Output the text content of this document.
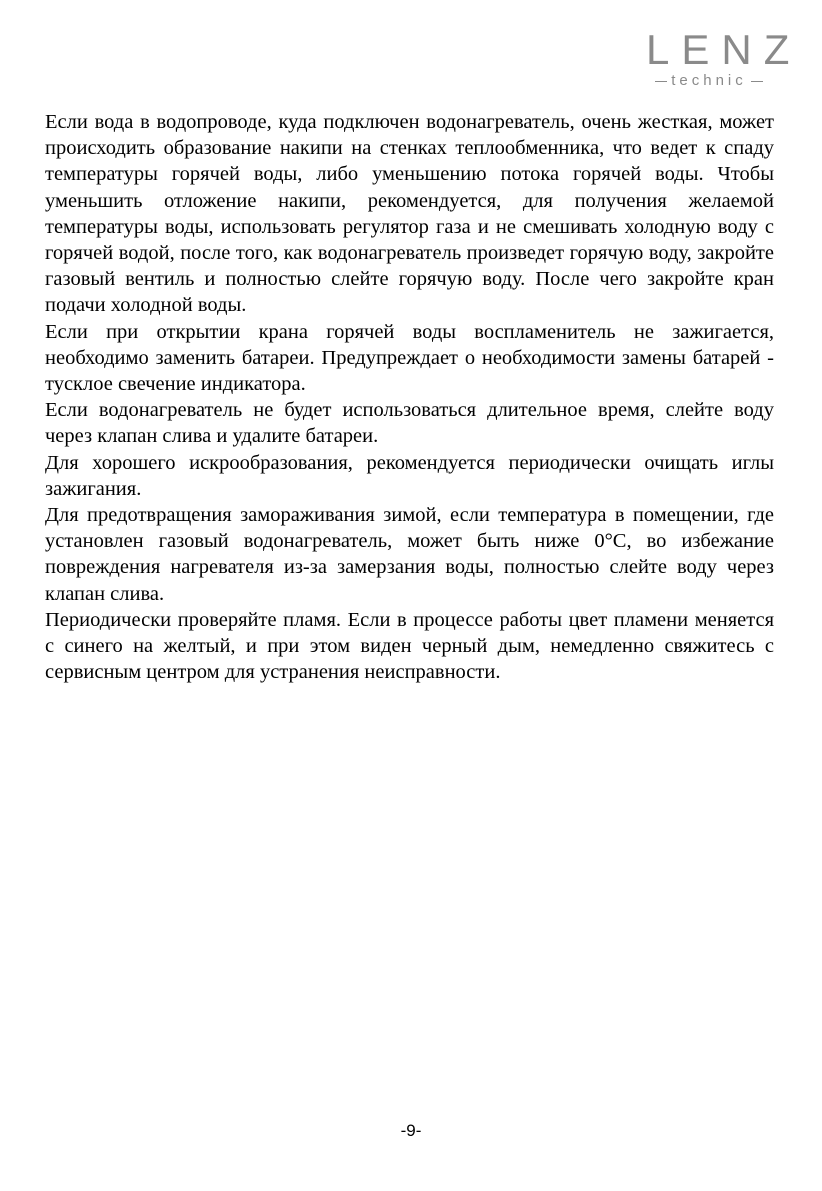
LENZ
technic

Если вода в водопроводе, куда подключен водонагреватель, очень жесткая, может происходить образование накипи на стенках теплообменника, что ведет к спаду температуры горячей воды, либо уменьшению потока горячей воды. Чтобы уменьшить отложение накипи, рекомендуется, для получения желаемой температуры воды, использовать регулятор газа и не смешивать холодную воду с горячей водой, после того, как водонагреватель произведет горячую воду, закройте газовый вентиль и полностью слейте горячую воду. После чего закройте кран подачи холодной воды.

Если при открытии крана горячей воды воспламенитель не зажигается, необходимо заменить батареи. Предупреждает о необходимости замены батарей - тусклое свечение индикатора.

Если водонагреватель не будет использоваться длительное время, слейте воду через клапан слива и удалите батареи.

Для хорошего искрообразования, рекомендуется периодически очищать иглы зажигания.

Для предотвращения замораживания зимой, если температура в помещении, где установлен газовый водонагреватель, может быть ниже 0°C, во избежание повреждения нагревателя из-за замерзания воды, полностью слейте воду через клапан слива.

Периодически проверяйте пламя. Если в процессе работы цвет пламени меняется с синего на желтый, и при этом виден черный дым, немедленно свяжитесь с сервисным центром для устранения неисправности.

-9-
